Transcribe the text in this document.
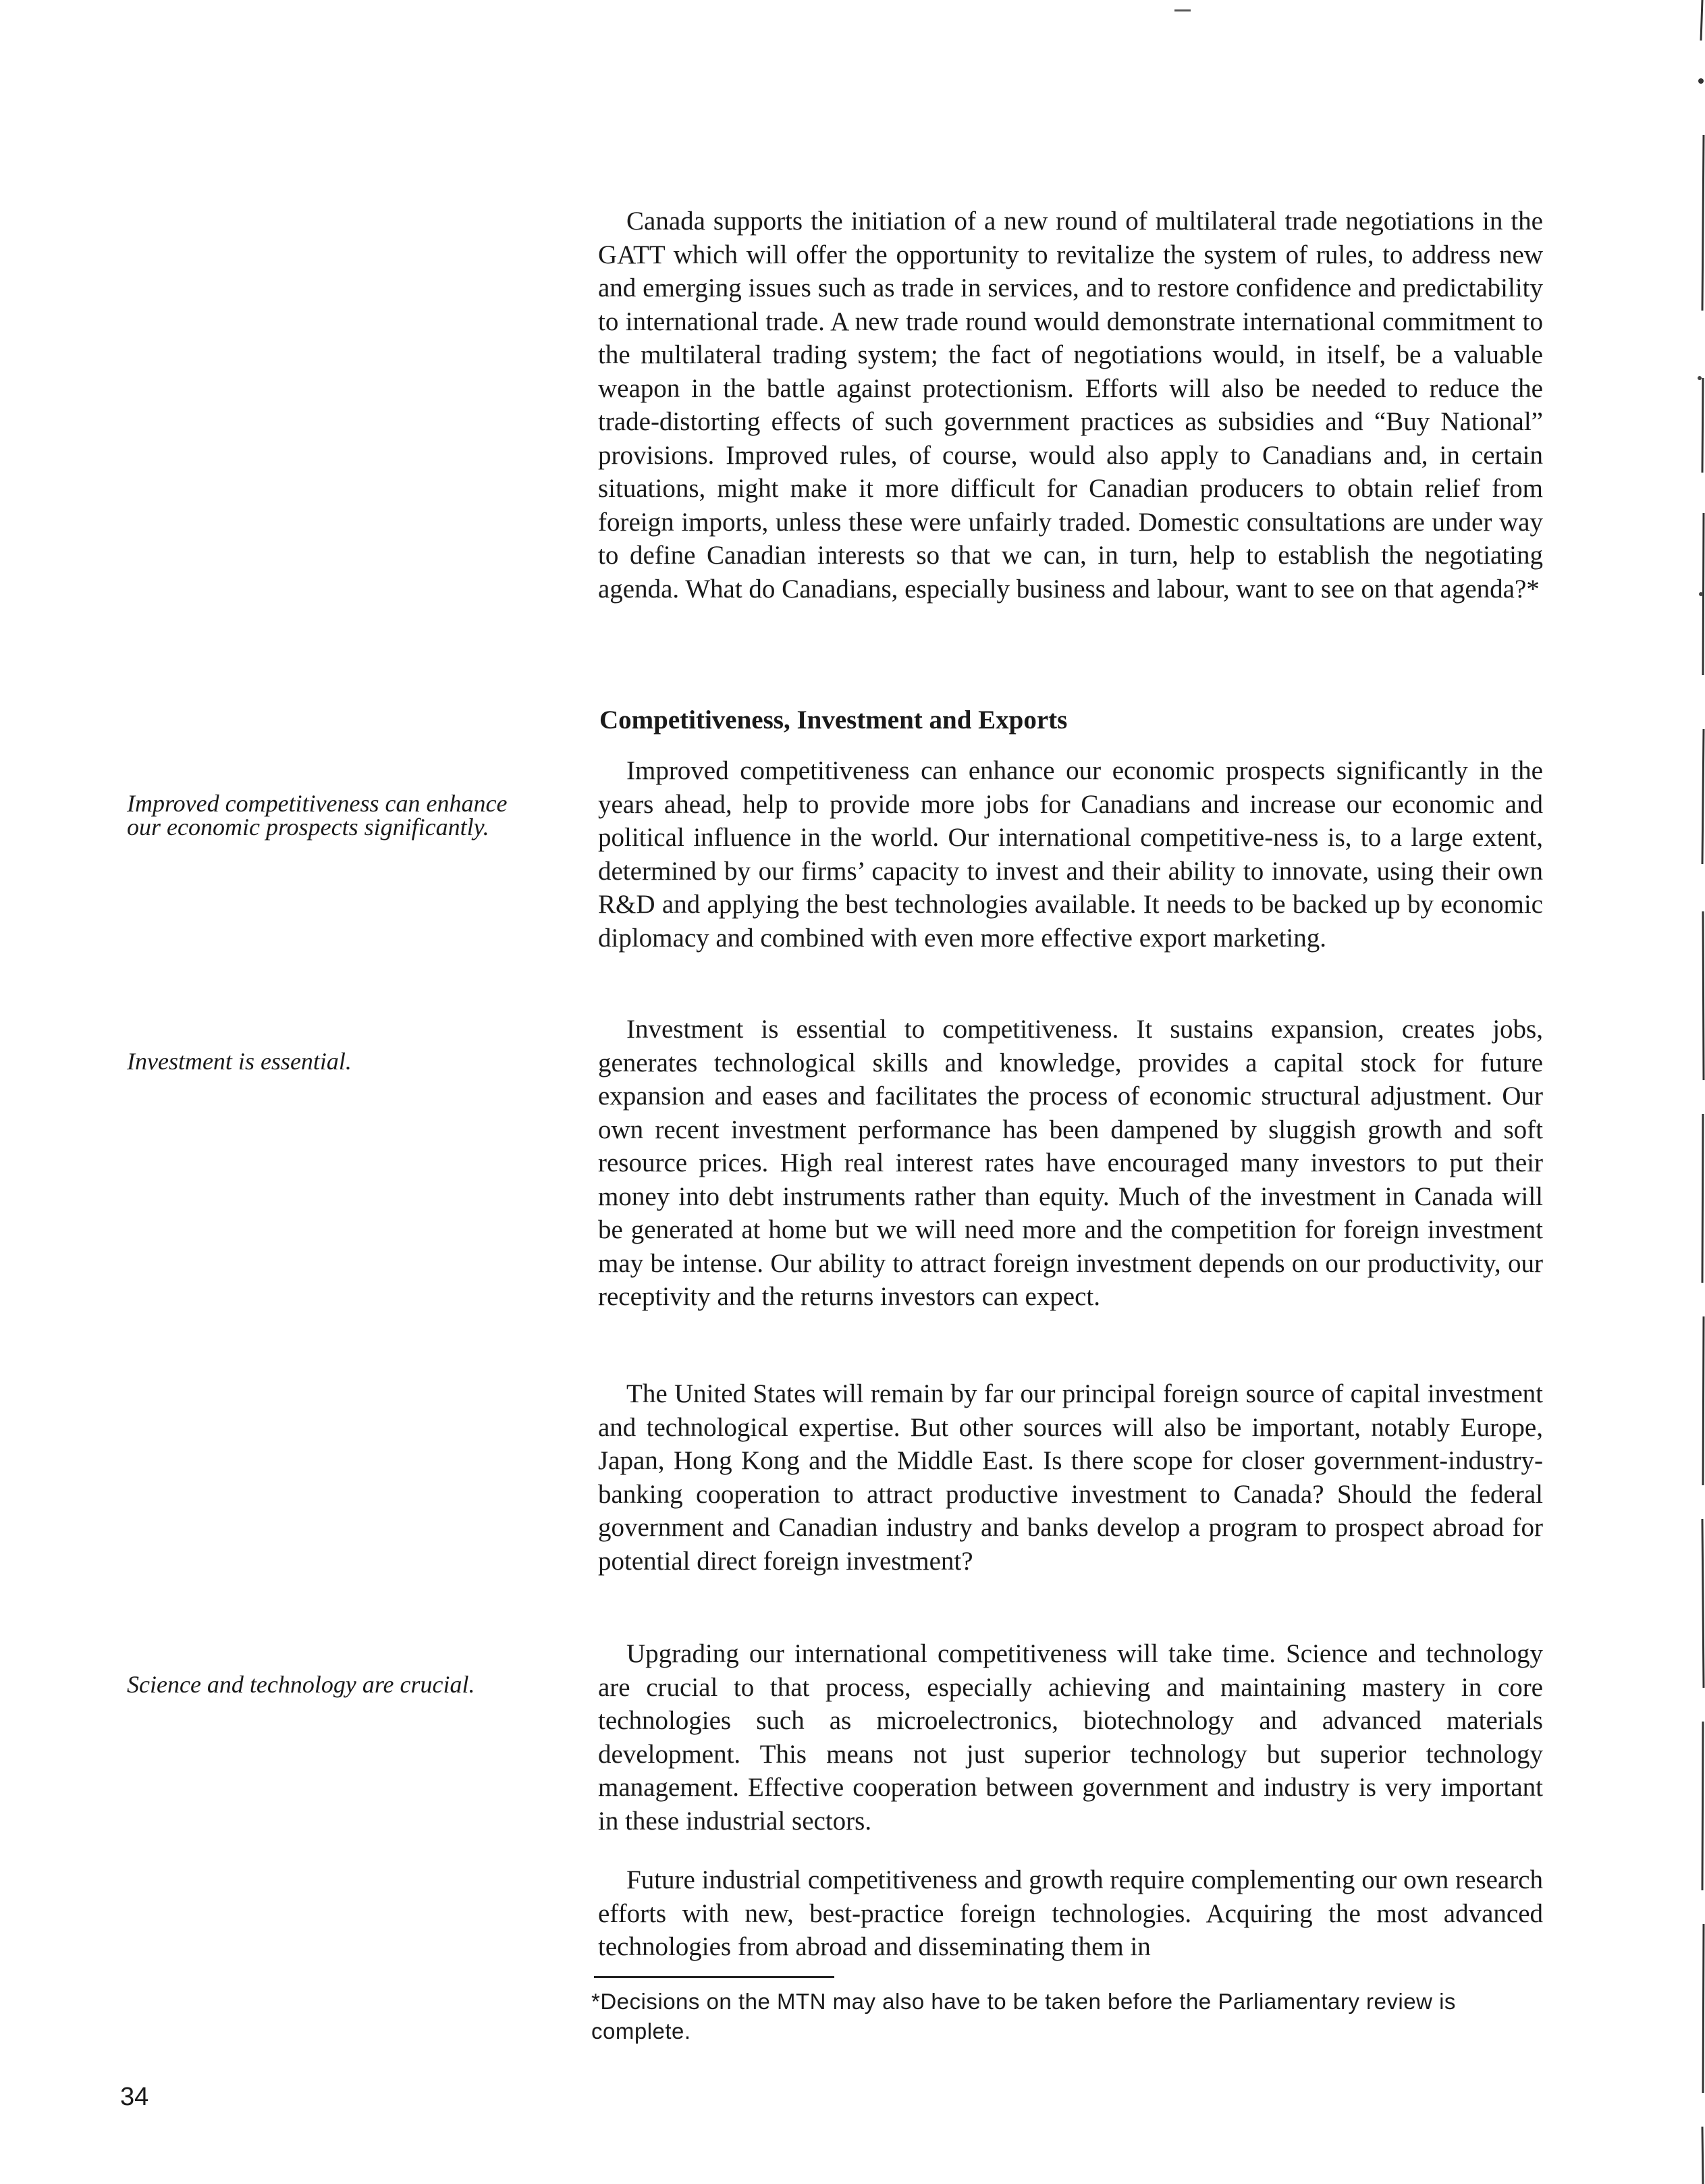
Canada supports the initiation of a new round of multilateral trade negotiations in the GATT which will offer the opportunity to revitalize the system of rules, to address new and emerging issues such as trade in services, and to restore confidence and predictability to international trade. A new trade round would demonstrate international commitment to the multilateral trading system; the fact of negotiations would, in itself, be a valuable weapon in the battle against protectionism. Efforts will also be needed to reduce the trade-distorting effects of such government practices as subsidies and “Buy National” provisions. Improved rules, of course, would also apply to Canadians and, in certain situations, might make it more difficult for Canadian producers to obtain relief from foreign imports, unless these were unfairly traded. Domestic consultations are under way to define Canadian interests so that we can, in turn, help to establish the negotiating agenda. What do Canadians, especially business and labour, want to see on that agenda?*

Competitiveness, Investment and Exports
Improved competitiveness can enhance our economic prospects significantly.

Improved competitiveness can enhance our economic prospects significantly in the years ahead, help to provide more jobs for Canadians and increase our economic and political influence in the world. Our international competitive-ness is, to a large extent, determined by our firms’ capacity to invest and their ability to innovate, using their own R&D and applying the best technologies available. It needs to be backed up by economic diplomacy and combined with even more effective export marketing.

Investment is essential.

Investment is essential to competitiveness. It sustains expansion, creates jobs, generates technological skills and knowledge, provides a capital stock for future expansion and eases and facilitates the process of economic structural adjustment. Our own recent investment performance has been dampened by sluggish growth and soft resource prices. High real interest rates have encouraged many investors to put their money into debt instruments rather than equity. Much of the investment in Canada will be generated at home but we will need more and the competition for foreign investment may be intense. Our ability to attract foreign investment depends on our productivity, our receptivity and the returns investors can expect.

The United States will remain by far our principal foreign source of capital investment and technological expertise. But other sources will also be important, notably Europe, Japan, Hong Kong and the Middle East. Is there scope for closer government-industry-banking cooperation to attract productive investment to Canada? Should the federal government and Canadian industry and banks develop a program to prospect abroad for potential direct foreign investment?

Science and technology are crucial.

Upgrading our international competitiveness will take time. Science and technology are crucial to that process, especially achieving and maintaining mastery in core technologies such as microelectronics, biotechnology and advanced materials development. This means not just superior technology but superior technology management. Effective cooperation between government and industry is very important in these industrial sectors.

Future industrial competitiveness and growth require complementing our own research efforts with new, best-practice foreign technologies. Acquiring the most advanced technologies from abroad and disseminating them in

*Decisions on the MTN may also have to be taken before the Parliamentary review is complete.
34
